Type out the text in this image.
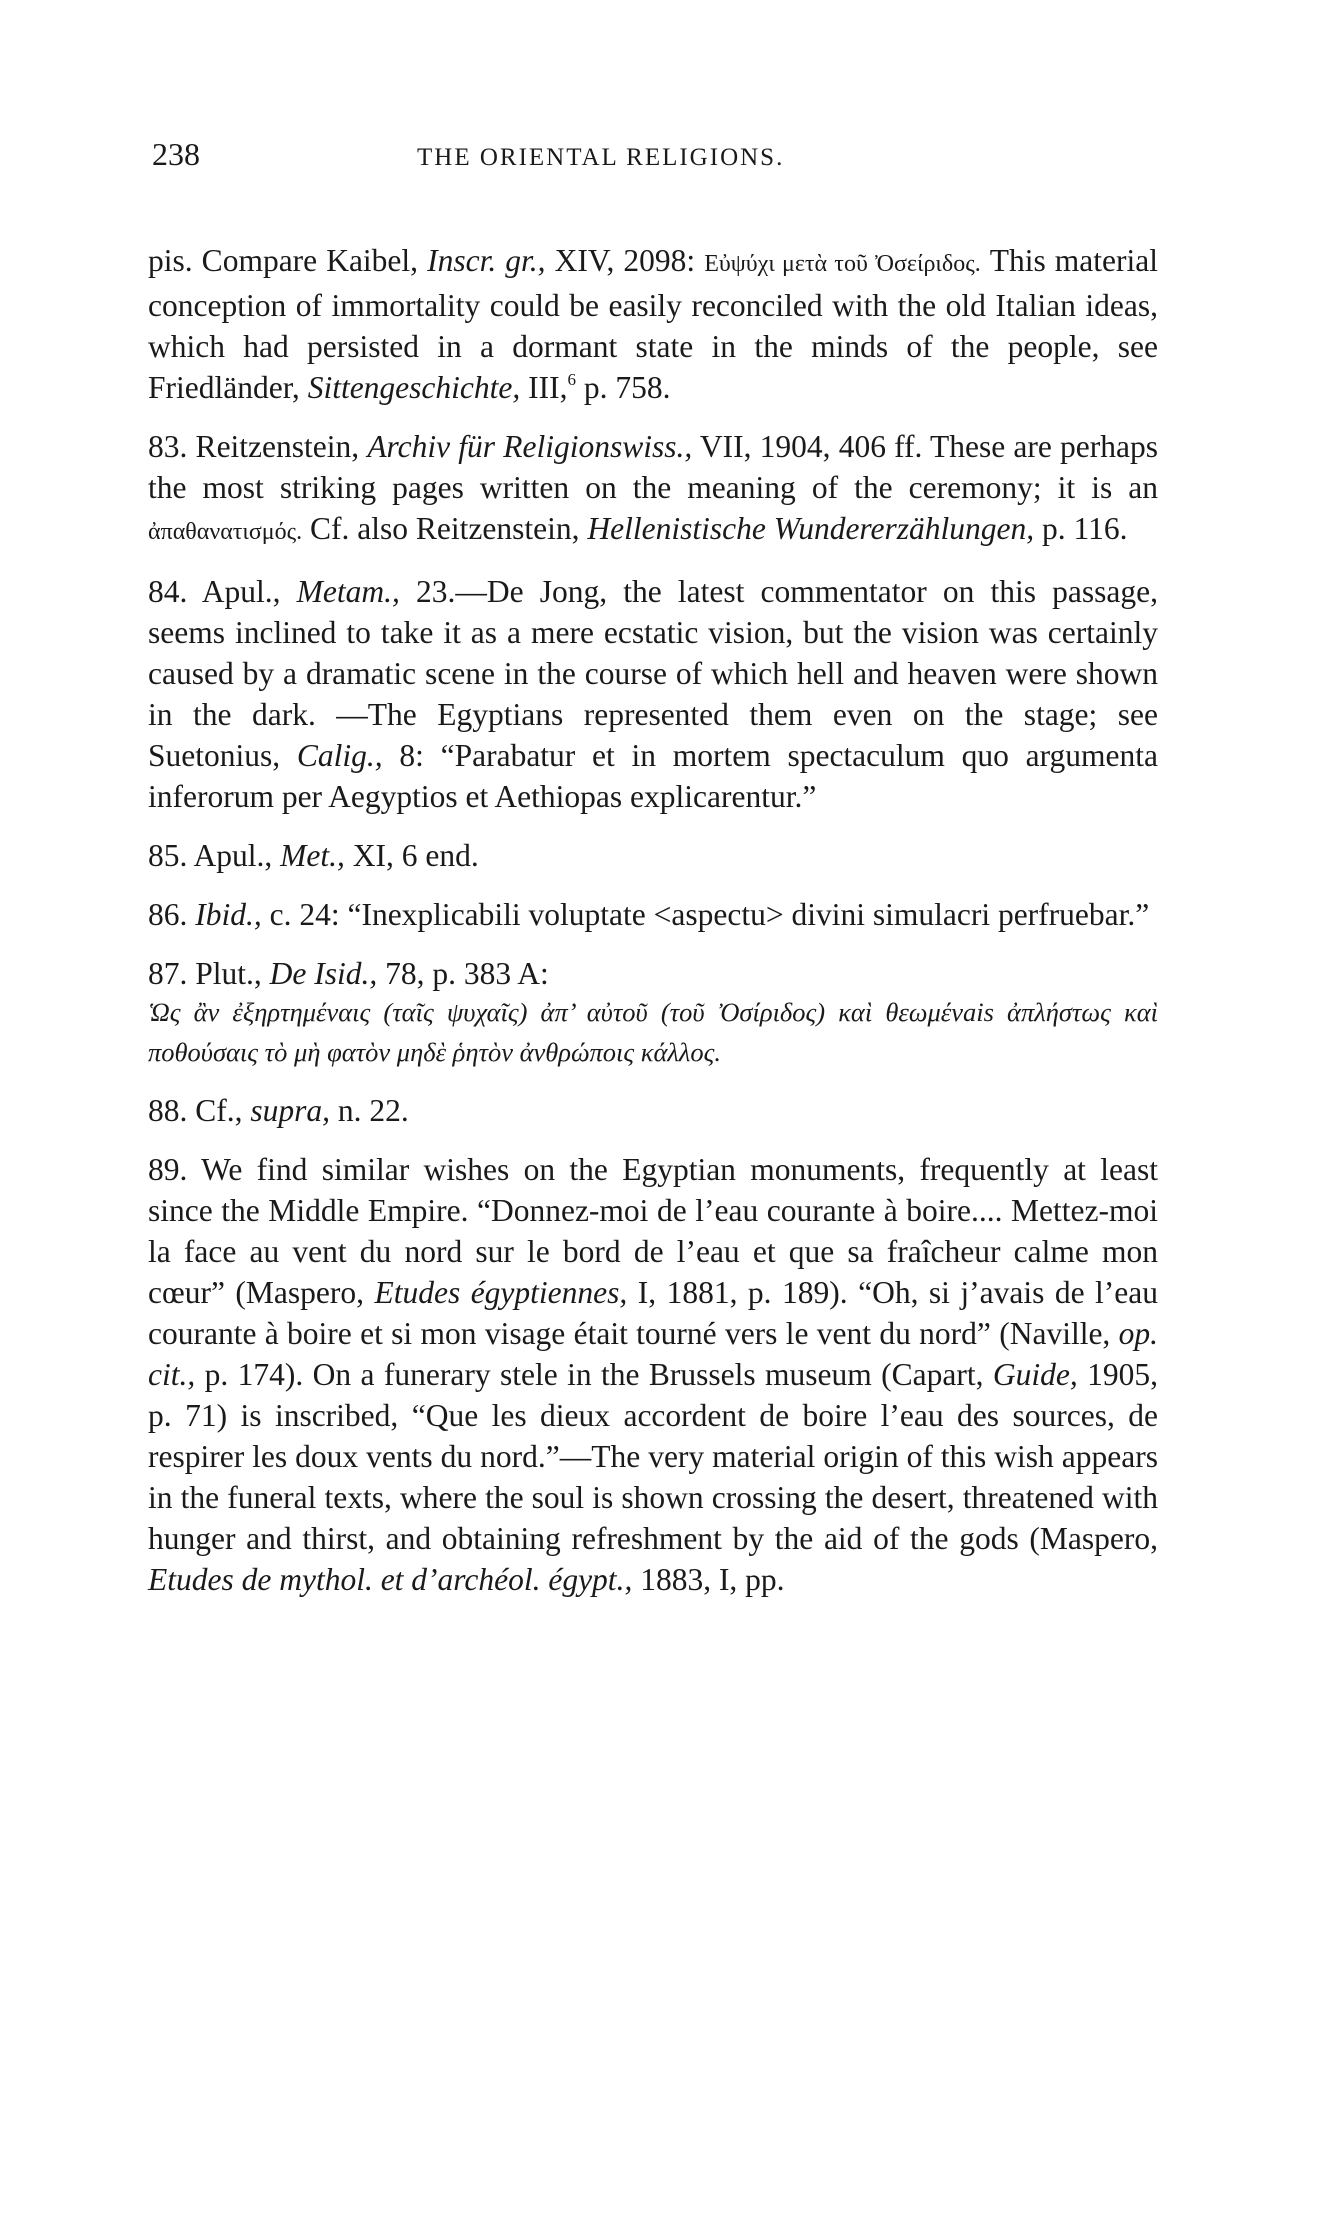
238	THE ORIENTAL RELIGIONS.

pis. Compare Kaibel, Inscr. gr., XIV, 2098: Εὐψύχι μετὰ τοῦ Ὀσείριδος. This material conception of immortality could be easily reconciled with the old Italian ideas, which had persisted in a dormant state in the minds of the people, see Friedländer, Sittengeschichte, III,$^6$ p. 758.

83. Reitzenstein, Archiv für Religionswiss., VII, 1904, 406 ff. These are perhaps the most striking pages written on the meaning of the ceremony; it is an ἀπαθανατισμός. Cf. also Reitzenstein, Hellenistische Wundererzählungen, p. 116.

84. Apul., Metam., 23.—De Jong, the latest commentator on this passage, seems inclined to take it as a mere ecstatic vision, but the vision was certainly caused by a dramatic scene in the course of which hell and heaven were shown in the dark. —The Egyptians represented them even on the stage; see Suetonius, Calig., 8: “Parabatur et in mortem spectaculum quo argumenta inferorum per Aegyptios et Aethiopas explicarentur.”

85. Apul., Met., XI, 6 end.

86. Ibid., c. 24: “Inexplicabili voluptate <aspectu> divini simulacri perfruebar.”

87. Plut., De Isid., 78, p. 383 A:

Ὡς ἂν ἐξηρτημέναις (ταῖς ψυχαῖς) ἀπ’ αὐτοῦ (τοῦ Ὀσίριδος) καὶ θεωμένais ἀπλήστως καὶ ποθούσαις τὸ μὴ φατὸν μηδὲ ῥητὸν ἀνθρώποις κάλλος.

88. Cf., supra, n. 22.

89. We find similar wishes on the Egyptian monuments, frequently at least since the Middle Empire. “Donnez-moi de l’eau courante à boire.... Mettez-moi la face au vent du nord sur le bord de l’eau et que sa fraîcheur calme mon cœur” (Maspero, Etudes égyptiennes, I, 1881, p. 189). “Oh, si j’avais de l’eau courante à boire et si mon visage était tourné vers le vent du nord” (Naville, op. cit., p. 174). On a funerary stele in the Brussels museum (Capart, Guide, 1905, p. 71) is inscribed, “Que les dieux accordent de boire l’eau des sources, de respirer les doux vents du nord.”—The very material origin of this wish appears in the funeral texts, where the soul is shown crossing the desert, threatened with hunger and thirst, and obtaining refreshment by the aid of the gods (Maspero, Etudes de mythol. et d’archéol. égypt., 1883, I, pp.
